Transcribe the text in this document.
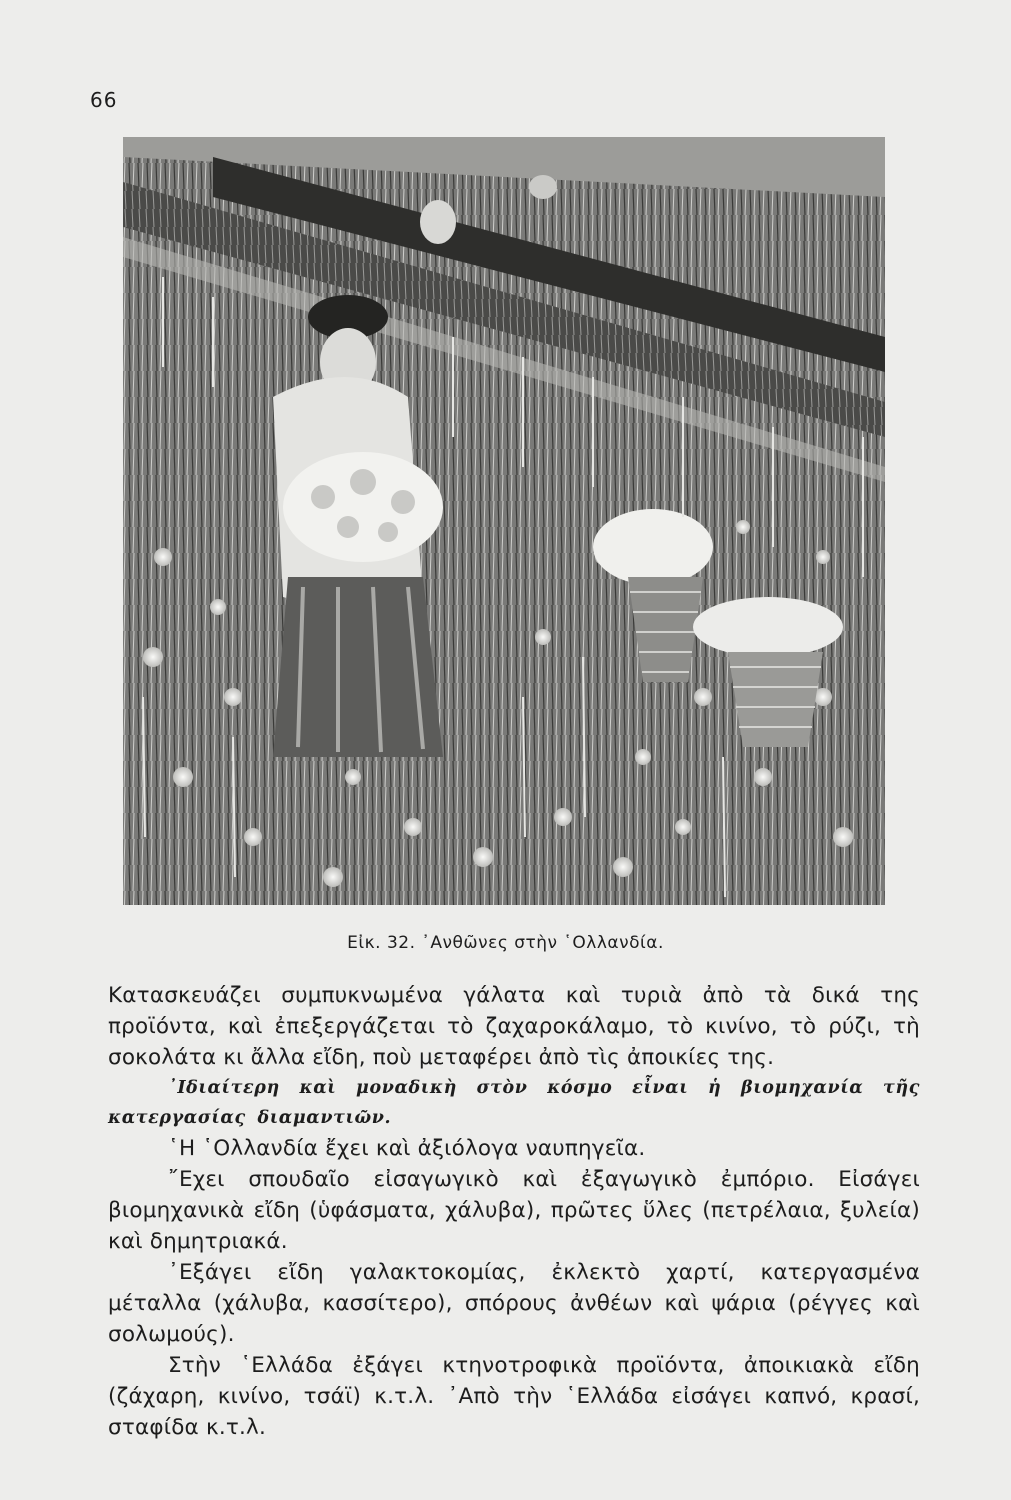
66
Εἰκ. 32. ᾿Ανθῶνες στὴν ῾Ολλανδία.

Κατασκευάζει συμπυκνωμένα γάλατα καὶ τυριὰ ἀπὸ τὰ δικά της προϊόντα, καὶ ἐπεξεργάζεται τὸ ζαχαροκάλαμο, τὸ κινίνο, τὸ ρύζι, τὴ σοκολάτα κι ἄλλα εἴδη, ποὺ μεταφέρει ἀπὸ τὶς ἀποικίες της.

᾿Ιδιαίτερη καὶ μοναδικὴ στὸν κόσμο εἶναι ἡ βιομηχανία τῆς κατεργασίας διαμαντιῶν.

῾Η ῾Ολλανδία ἔχει καὶ ἀξιόλογα ναυπηγεῖα.

῎Εχει σπουδαῖο εἰσαγωγικὸ καὶ ἐξαγωγικὸ ἐμπόριο. Εἰσάγει βιομηχανικὰ εἴδη (ὑφάσματα, χάλυβα), πρῶτες ὕλες (πετρέλαια, ξυλεία) καὶ δημητριακά.

᾿Εξάγει εἴδη γαλακτοκομίας, ἐκλεκτὸ χαρτί, κατεργασμένα μέταλλα (χάλυβα, κασσίτερο), σπόρους ἀνθέων καὶ ψάρια (ρέγγες καὶ σολωμούς).

Στὴν ῾Ελλάδα ἐξάγει κτηνοτροφικὰ προϊόντα, ἀποικιακὰ εἴδη (ζάχαρη, κινίνο, τσάϊ) κ.τ.λ. ᾿Απὸ τὴν ῾Ελλάδα εἰσάγει καπνό, κρασί, σταφίδα κ.τ.λ.
